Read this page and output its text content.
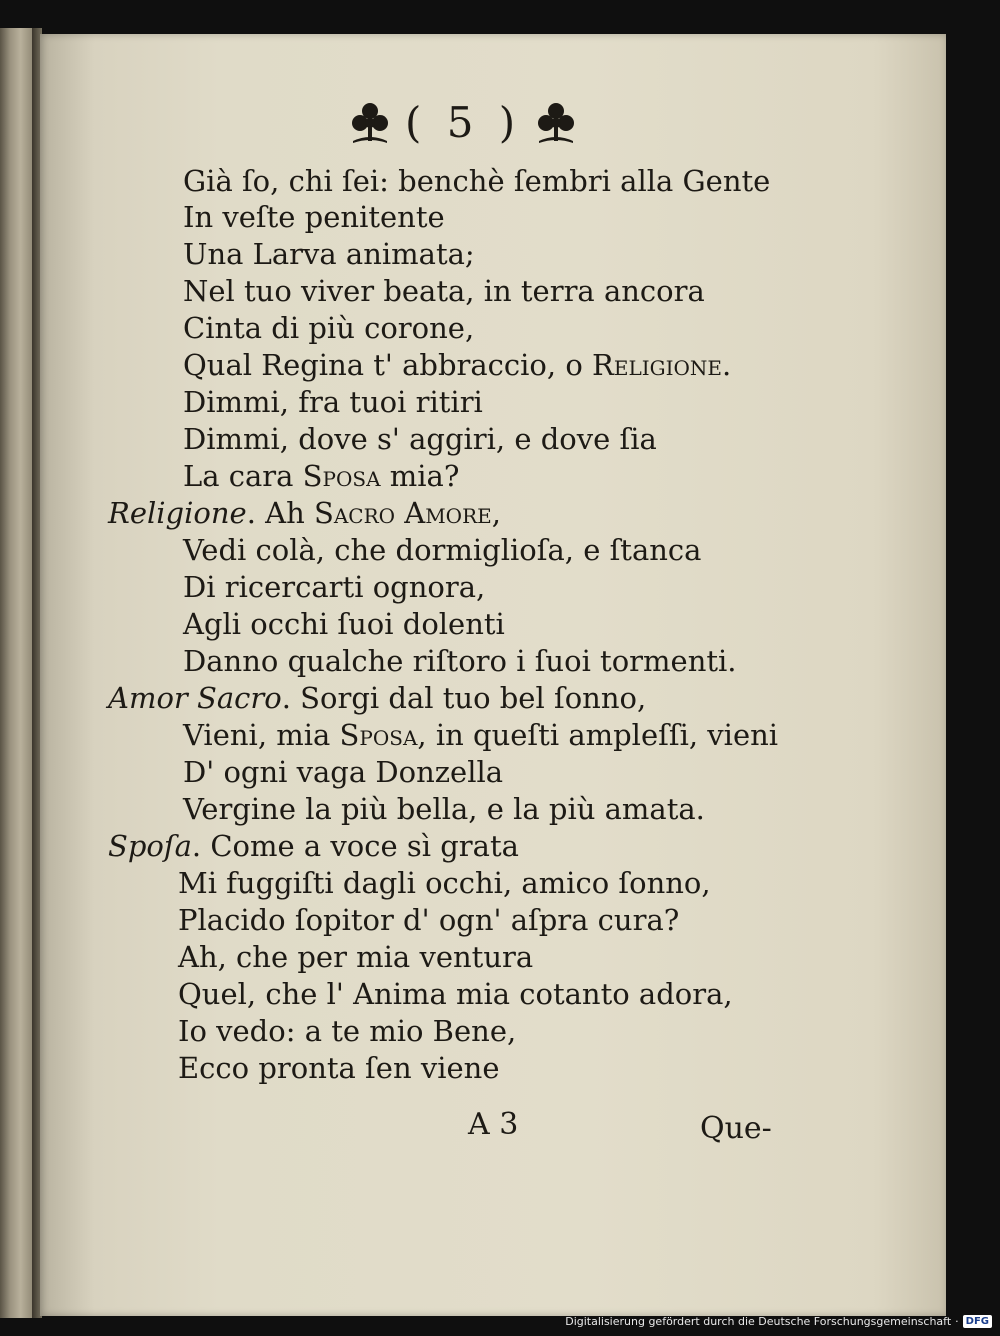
( 5 )
Già ſo, chi ſei: benchè ſembri alla Gente
In veſte penitente
Una Larva animata;
Nel tuo viver beata, in terra ancora
Cinta di più corone,
Qual Regina t' abbraccio, o Religione.
Dimmi, fra tuoi ritiri
Dimmi, dove s' aggiri, e dove ſia
La cara Sposa mia?
Religione. Ah Sacro Amore,
Vedi colà, che dormiglioſa, e ſtanca
Di ricercarti ognora,
Agli occhi ſuoi dolenti
Danno qualche riſtoro i ſuoi tormenti.
Amor Sacro. Sorgi dal tuo bel ſonno,
Vieni, mia Sposa, in queſti ampleſſi, vieni
D' ogni vaga Donzella
Vergine la più bella, e la più amata.
Spoſa. Come a voce sì grata
Mi fuggiſti dagli occhi, amico ſonno,
Placido ſopitor d' ogn' aſpra cura?
Ah, che per mia ventura
Quel, che l' Anima mia cotanto adora,
Io vedo: a te mio Bene,
Ecco pronta ſen viene
A 3	Que-
Digitalisierung gefördert durch die Deutsche Forschungsgemeinschaft · DFG
